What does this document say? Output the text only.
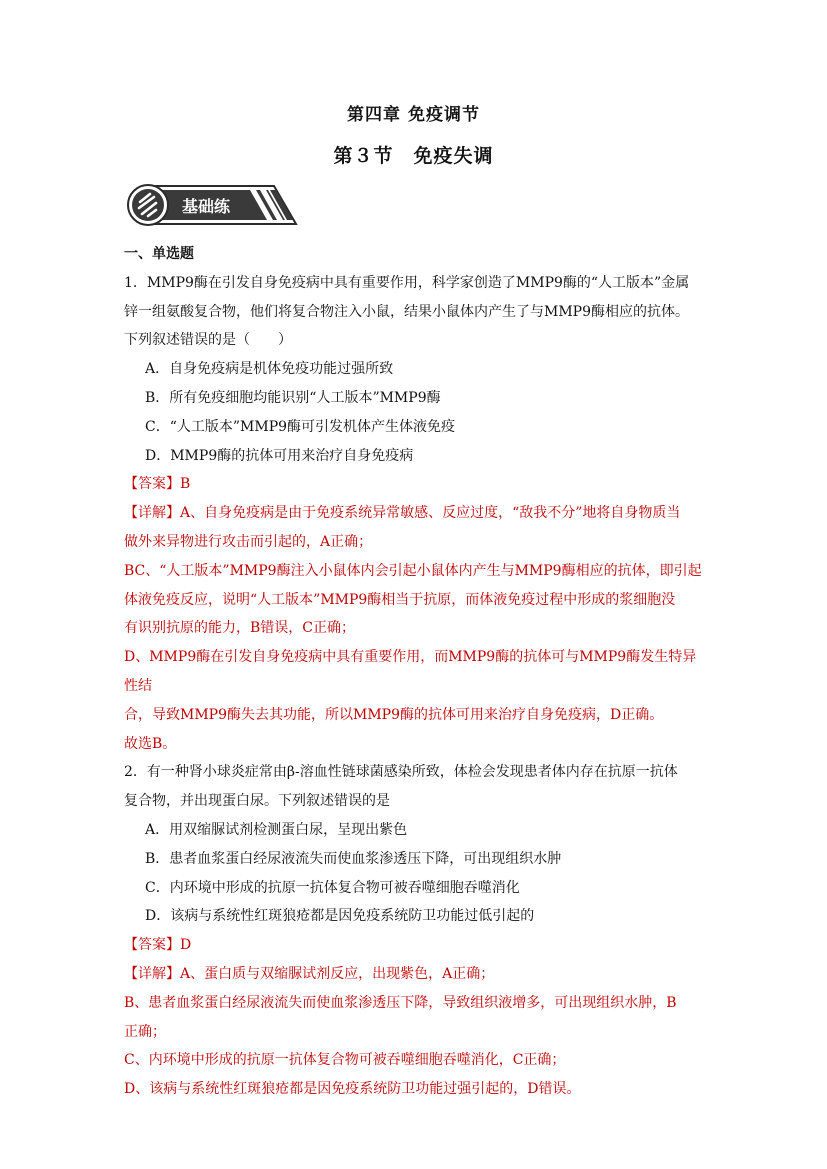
第四章 免疫调节
第３节　免疫失调
基础练

一、单选题

1．MMP9酶在引发自身免疫病中具有重要作用，科学家创造了MMP9酶的“人工版本”金属

锌一组氨酸复合物，他们将复合物注入小鼠，结果小鼠体内产生了与MMP9酶相应的抗体。

下列叙述错误的是（　　）

A．自身免疫病是机体免疫功能过强所致

B．所有免疫细胞均能识别“人工版本”MMP9酶

C．“人工版本”MMP9酶可引发机体产生体液免疫

D．MMP9酶的抗体可用来治疗自身免疫病

【答案】B

【详解】A、自身免疫病是由于免疫系统异常敏感、反应过度，“敌我不分”地将自身物质当

做外来异物进行攻击而引起的，A正确；

BC、“人工版本”MMP9酶注入小鼠体内会引起小鼠体内产生与MMP9酶相应的抗体，即引起

体液免疫反应，说明“人工版本”MMP9酶相当于抗原，而体液免疫过程中形成的浆细胞没

有识别抗原的能力，B错误，C正确；

D、MMP9酶在引发自身免疫病中具有重要作用，而MMP9酶的抗体可与MMP9酶发生特异性结

合，导致MMP9酶失去其功能，所以MMP9酶的抗体可用来治疗自身免疫病，D正确。

故选B。

2．有一种肾小球炎症常由β-溶血性链球菌感染所致，体检会发现患者体内存在抗原一抗体

复合物，并出现蛋白尿。下列叙述错误的是

A．用双缩脲试剂检测蛋白尿，呈现出紫色

B．患者血浆蛋白经尿液流失而使血浆渗透压下降，可出现组织水肿

C．内环境中形成的抗原一抗体复合物可被吞噬细胞吞噬消化

D．该病与系统性红斑狼疮都是因免疫系统防卫功能过低引起的

【答案】D

【详解】A、蛋白质与双缩脲试剂反应，出现紫色，A正确；

B、患者血浆蛋白经尿液流失而使血浆渗透压下降，导致组织液增多，可出现组织水肿，B

正确；

C、内环境中形成的抗原一抗体复合物可被吞噬细胞吞噬消化，C正确；

D、该病与系统性红斑狼疮都是因免疫系统防卫功能过强引起的，D错误。
